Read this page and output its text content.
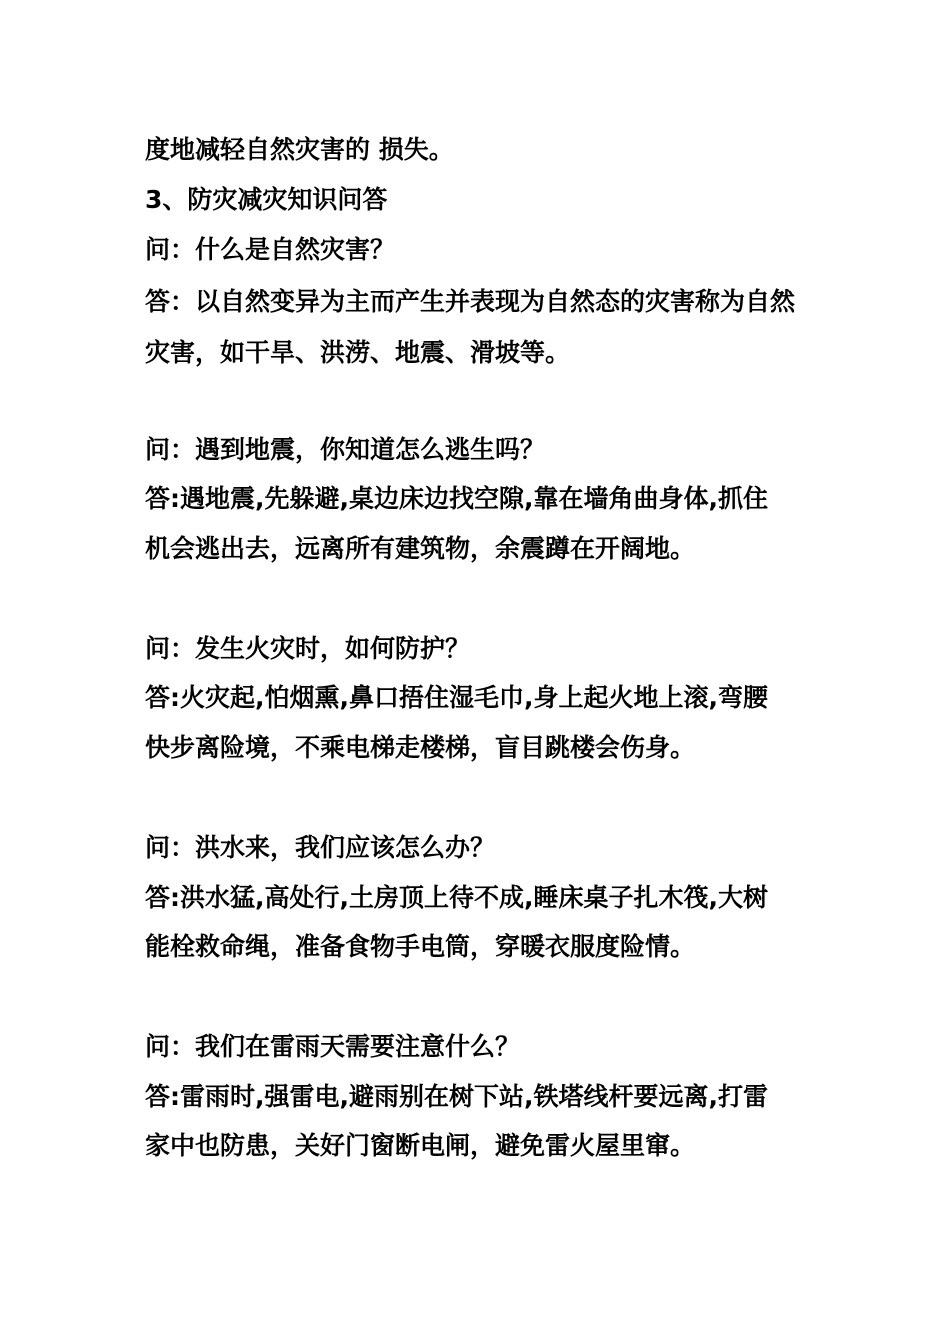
度地减轻自然灾害的 损失。
3、防灾减灾知识问答
问：什么是自然灾害？
答：以自然变异为主而产生并表现为自然态的灾害称为自然
灾害，如干旱、洪涝、地震、滑坡等。
问：遇到地震，你知道怎么逃生吗？
答:遇地震,先躲避,桌边床边找空隙,靠在墙角曲身体,抓住
机会逃出去，远离所有建筑物，余震蹲在开阔地。
问：发生火灾时，如何防护？
答:火灾起,怕烟熏,鼻口捂住湿毛巾,身上起火地上滚,弯腰
快步离险境，不乘电梯走楼梯，盲目跳楼会伤身。
问：洪水来，我们应该怎么办？
答:洪水猛,高处行,土房顶上待不成,睡床桌子扎木筏,大树
能栓救命绳，准备食物手电筒，穿暖衣服度险情。
问：我们在雷雨天需要注意什么？
答:雷雨时,强雷电,避雨别在树下站,铁塔线杆要远离,打雷
家中也防患，关好门窗断电闸，避免雷火屋里窜。
